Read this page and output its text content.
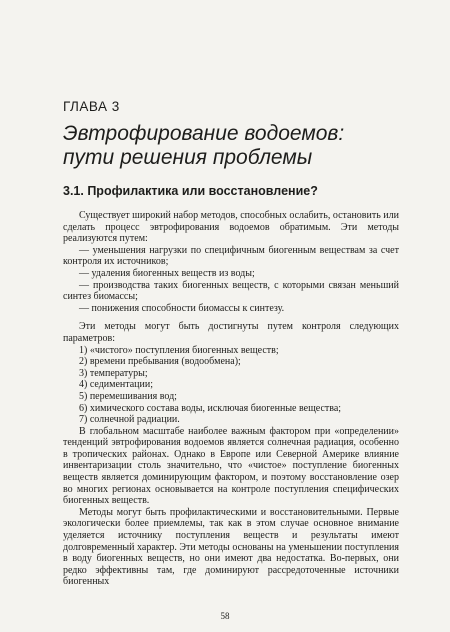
ГЛАВА 3
Эвтрофирование водоемов:
пути решения проблемы
3.1. Профилактика или восстановление?

Существует широкий набор методов, способных ослабить, остановить или сделать процесс эвтрофирования водоемов обратимым. Эти методы реализуются путем:

— уменьшения нагрузки по специфичным биогенным веществам за счет контроля их источников;

— удаления биогенных веществ из воды;

— производства таких биогенных веществ, с которыми связан меньший синтез биомассы;

— понижения способности биомассы к синтезу.

Эти методы могут быть достигнуты путем контроля следующих параметров:

1) «чистого» поступления биогенных веществ;

2) времени пребывания (водообмена);

3) температуры;

4) седиментации;

5) перемешивания вод;

6) химического состава воды, исключая биогенные вещества;

7) солнечной радиации.

В глобальном масштабе наиболее важным фактором при «определении» тенденций эвтрофирования водоемов является солнечная радиация, особенно в тропических районах. Однако в Европе или Северной Америке влияние инвентаризации столь значительно, что «чистое» поступление биогенных веществ является доминирующим фактором, и поэтому восстановление озер во многих регионах основывается на контроле поступления специфических биогенных веществ.

Методы могут быть профилактическими и восстановительными. Первые экологически более приемлемы, так как в этом случае основное внимание уделяется источнику поступления веществ и результаты имеют долговременный характер. Эти методы основаны на уменьшении поступления в воду биогенных веществ, но они имеют два недостатка. Во-первых, они редко эффективны там, где доминируют рассредоточенные источники биогенных

58
